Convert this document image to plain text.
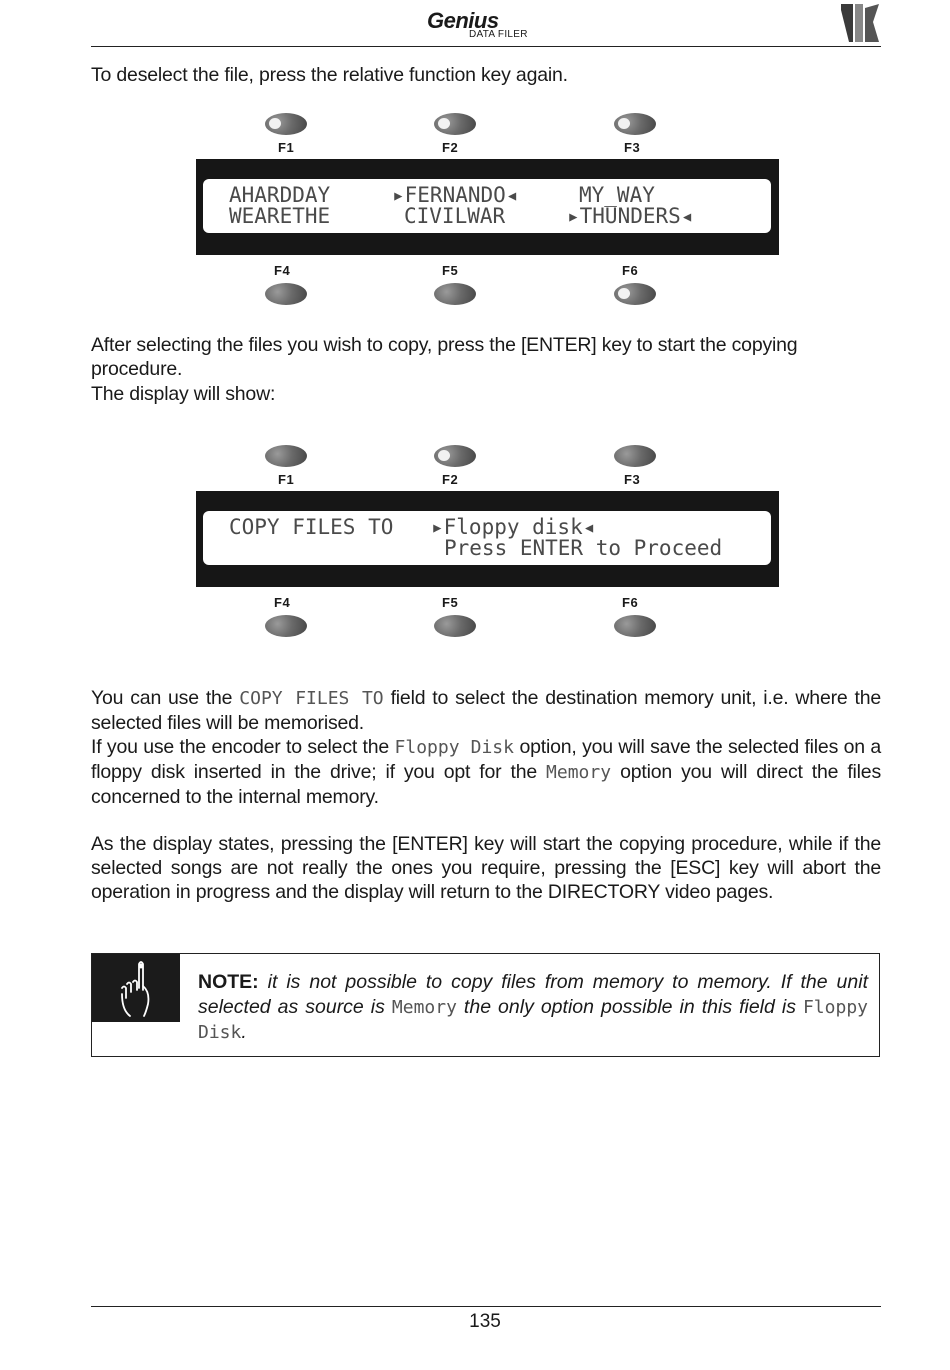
Genius
DATA FILER

To deselect the file, press the relative function key again.

F1	F2	F3
AHARDDAY	▸FERNANDO◂	MY_WAY
WEARETHE	CIVILWAR	▸THUNDERS◂
F4	F5	F6

After selecting the files you wish to copy, press the [ENTER] key to start the copying procedure.

The display will show:

F1	F2	F3
COPY FILES TO ▸Floppy disk◂
Press ENTER to Proceed
F4	F5	F6

You can use the COPY FILES TO field to select the destination memory unit, i.e. where the selected files will be memorised.

If you use the encoder to select the Floppy Disk option, you will save the selected files on a floppy disk inserted in the drive; if you opt for the Memory option you will direct the files concerned to the internal memory.

As the display states, pressing the [ENTER] key will start the copying procedure, while if the selected songs are not really the ones you require, pressing the [ESC] key will abort the operation in progress and the display will return to the DIRECTORY video pages.

NOTE: it is not possible to copy files from memory to memory. If the unit selected as source is Memory the only option possible in this field is Floppy Disk.
135
